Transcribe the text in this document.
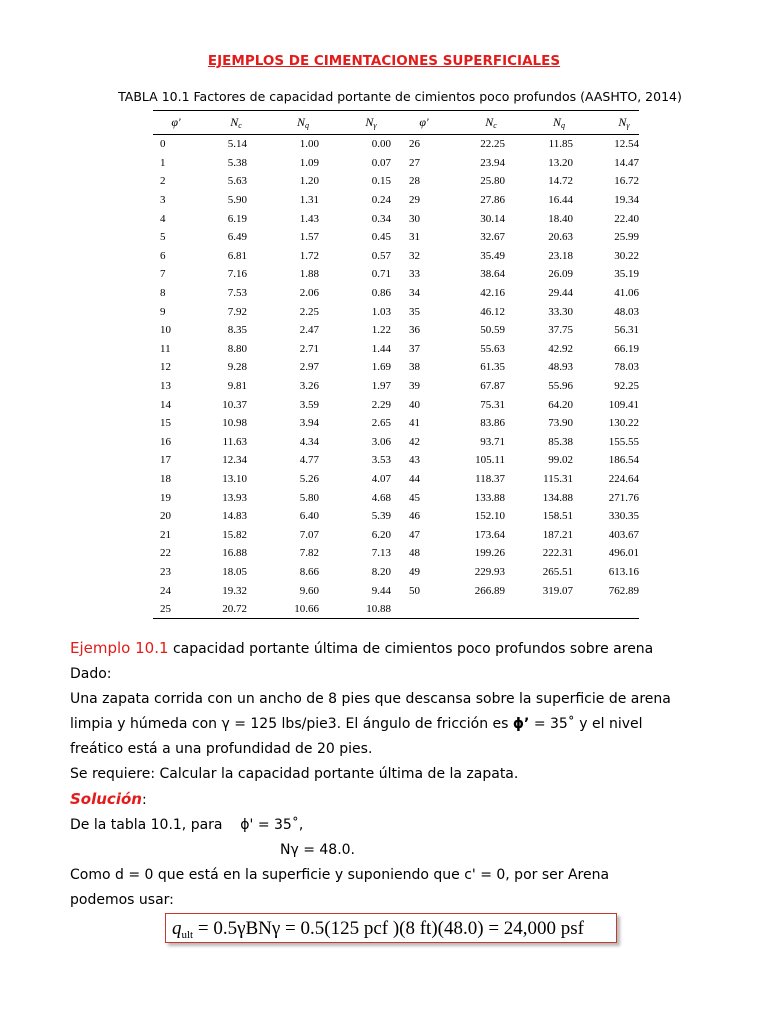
EJEMPLOS DE CIMENTACIONES SUPERFICIALES
TABLA 10.1 Factores de capacidad portante de cimientos poco profundos (AASHTO, 2014)
φ′	$N_c$	$N_q$	$N_\gamma$	φ′	$N_c$	$N_q$	$N_\gamma$
0	5.14	1.00	0.00	26	22.25	11.85	12.54
1	5.38	1.09	0.07	27	23.94	13.20	14.47
2	5.63	1.20	0.15	28	25.80	14.72	16.72
3	5.90	1.31	0.24	29	27.86	16.44	19.34
4	6.19	1.43	0.34	30	30.14	18.40	22.40
5	6.49	1.57	0.45	31	32.67	20.63	25.99
6	6.81	1.72	0.57	32	35.49	23.18	30.22
7	7.16	1.88	0.71	33	38.64	26.09	35.19
8	7.53	2.06	0.86	34	42.16	29.44	41.06
9	7.92	2.25	1.03	35	46.12	33.30	48.03
10	8.35	2.47	1.22	36	50.59	37.75	56.31
11	8.80	2.71	1.44	37	55.63	42.92	66.19
12	9.28	2.97	1.69	38	61.35	48.93	78.03
13	9.81	3.26	1.97	39	67.87	55.96	92.25
14	10.37	3.59	2.29	40	75.31	64.20	109.41
15	10.98	3.94	2.65	41	83.86	73.90	130.22
16	11.63	4.34	3.06	42	93.71	85.38	155.55
17	12.34	4.77	3.53	43	105.11	99.02	186.54
18	13.10	5.26	4.07	44	118.37	115.31	224.64
19	13.93	5.80	4.68	45	133.88	134.88	271.76
20	14.83	6.40	5.39	46	152.10	158.51	330.35
21	15.82	7.07	6.20	47	173.64	187.21	403.67
22	16.88	7.82	7.13	48	199.26	222.31	496.01
23	18.05	8.66	8.20	49	229.93	265.51	613.16
24	19.32	9.60	9.44	50	266.89	319.07	762.89
25	20.72	10.66	10.88
Ejemplo 10.1 capacidad portante última de cimientos poco profundos sobre arena
Dado:
Una zapata corrida con un ancho de 8 pies que descansa sobre la superficie de arena
limpia y húmeda con γ = 125 lbs/pie3. El ángulo de fricción es ϕ’ = 35˚ y el nivel
freático está a una profundidad de 20 pies.
Se requiere: Calcular la capacidad portante última de la zapata.
Solución:
De la tabla 10.1, para    ϕ' = 35˚,
Nγ = 48.0.
Como d = 0 que está en la superficie y suponiendo que c' = 0, por ser Arena
podemos usar:
$q_{ult} = 0.5\gamma BN\gamma = 0.5(125$ pcf )(8 ft)(48.0) = 24,000 psf
